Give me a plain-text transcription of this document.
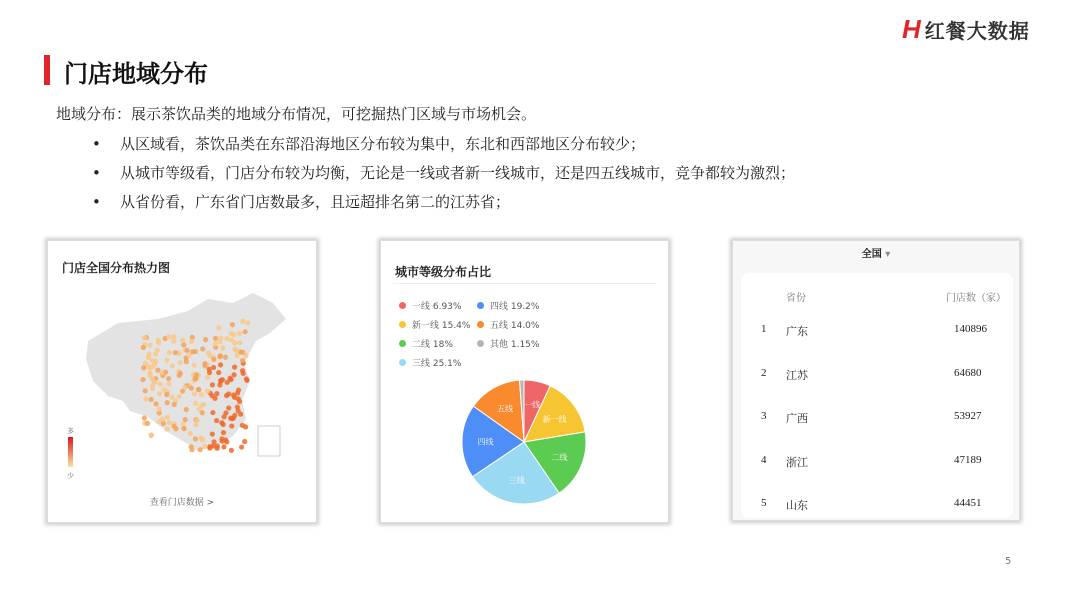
H 红餐大数据
门店地域分布
地域分布：展示茶饮品类的地域分布情况，可挖掘热门区域与市场机会。
• 从区域看，茶饮品类在东部沿海地区分布较为集中，东北和西部地区分布较少；
• 从城市等级看，门店分布较为均衡，无论是一线或者新一线城市，还是四五线城市，竞争都较为激烈；
• 从省份看，广东省门店数最多，且远超排名第二的江苏省；
门店全国分布热力图
多
少
查看门店数据 >
城市等级分布占比
一线 6.93%	四线 19.2%
新一线 15.4% 五线 14.0%
二线 18%	其他 1.15%
三线 25.1%
一线
新一线
二线
三线
四线
五线
全国 ▾
省份	门店数（家）
1 广东	140896
2 江苏	64680
3 广西	53927
4 浙江	47189
5 山东	44451
5
